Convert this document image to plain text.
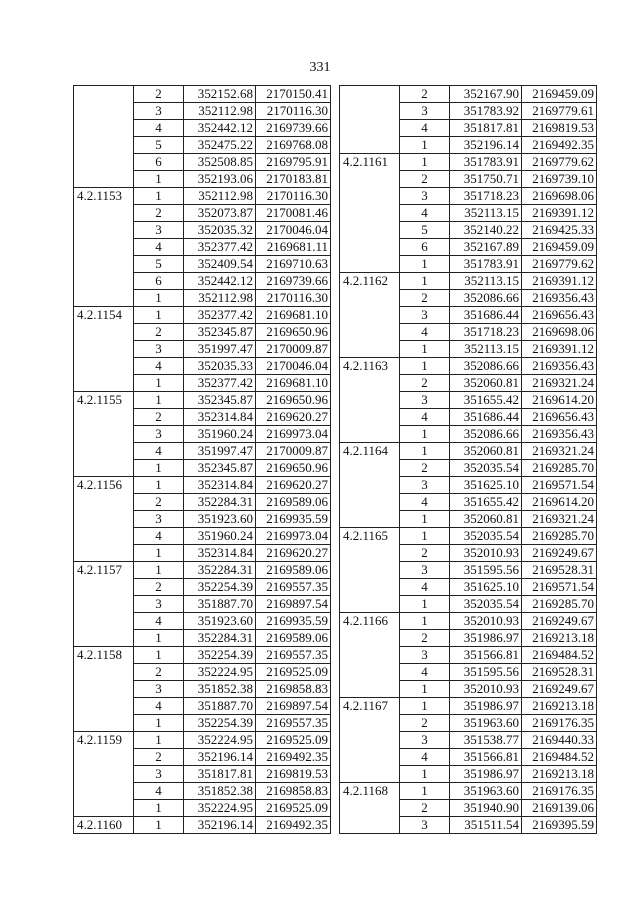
331
	2	352152.68	2170150.41
	3	352112.98	2170116.30
	4	352442.12	2169739.66
	5	352475.22	2169768.08
	6	352508.85	2169795.91
	1	352193.06	2170183.81
4.2.1153	1	352112.98	2170116.30
	2	352073.87	2170081.46
	3	352035.32	2170046.04
	4	352377.42	2169681.11
	5	352409.54	2169710.63
	6	352442.12	2169739.66
	1	352112.98	2170116.30
4.2.1154	1	352377.42	2169681.10
	2	352345.87	2169650.96
	3	351997.47	2170009.87
	4	352035.33	2170046.04
	1	352377.42	2169681.10
4.2.1155	1	352345.87	2169650.96
	2	352314.84	2169620.27
	3	351960.24	2169973.04
	4	351997.47	2170009.87
	1	352345.87	2169650.96
4.2.1156	1	352314.84	2169620.27
	2	352284.31	2169589.06
	3	351923.60	2169935.59
	4	351960.24	2169973.04
	1	352314.84	2169620.27
4.2.1157	1	352284.31	2169589.06
	2	352254.39	2169557.35
	3	351887.70	2169897.54
	4	351923.60	2169935.59
	1	352284.31	2169589.06
4.2.1158	1	352254.39	2169557.35
	2	352224.95	2169525.09
	3	351852.38	2169858.83
	4	351887.70	2169897.54
	1	352254.39	2169557.35
4.2.1159	1	352224.95	2169525.09
	2	352196.14	2169492.35
	3	351817.81	2169819.53
	4	351852.38	2169858.83
	1	352224.95	2169525.09
4.2.1160	1	352196.14	2169492.35
	2	352167.90	2169459.09
	3	351783.92	2169779.61
	4	351817.81	2169819.53
	1	352196.14	2169492.35
4.2.1161	1	351783.91	2169779.62
	2	351750.71	2169739.10
	3	351718.23	2169698.06
	4	352113.15	2169391.12
	5	352140.22	2169425.33
	6	352167.89	2169459.09
	1	351783.91	2169779.62
4.2.1162	1	352113.15	2169391.12
	2	352086.66	2169356.43
	3	351686.44	2169656.43
	4	351718.23	2169698.06
	1	352113.15	2169391.12
4.2.1163	1	352086.66	2169356.43
	2	352060.81	2169321.24
	3	351655.42	2169614.20
	4	351686.44	2169656.43
	1	352086.66	2169356.43
4.2.1164	1	352060.81	2169321.24
	2	352035.54	2169285.70
	3	351625.10	2169571.54
	4	351655.42	2169614.20
	1	352060.81	2169321.24
4.2.1165	1	352035.54	2169285.70
	2	352010.93	2169249.67
	3	351595.56	2169528.31
	4	351625.10	2169571.54
	1	352035.54	2169285.70
4.2.1166	1	352010.93	2169249.67
	2	351986.97	2169213.18
	3	351566.81	2169484.52
	4	351595.56	2169528.31
	1	352010.93	2169249.67
4.2.1167	1	351986.97	2169213.18
	2	351963.60	2169176.35
	3	351538.77	2169440.33
	4	351566.81	2169484.52
	1	351986.97	2169213.18
4.2.1168	1	351963.60	2169176.35
	2	351940.90	2169139.06
	3	351511.54	2169395.59
